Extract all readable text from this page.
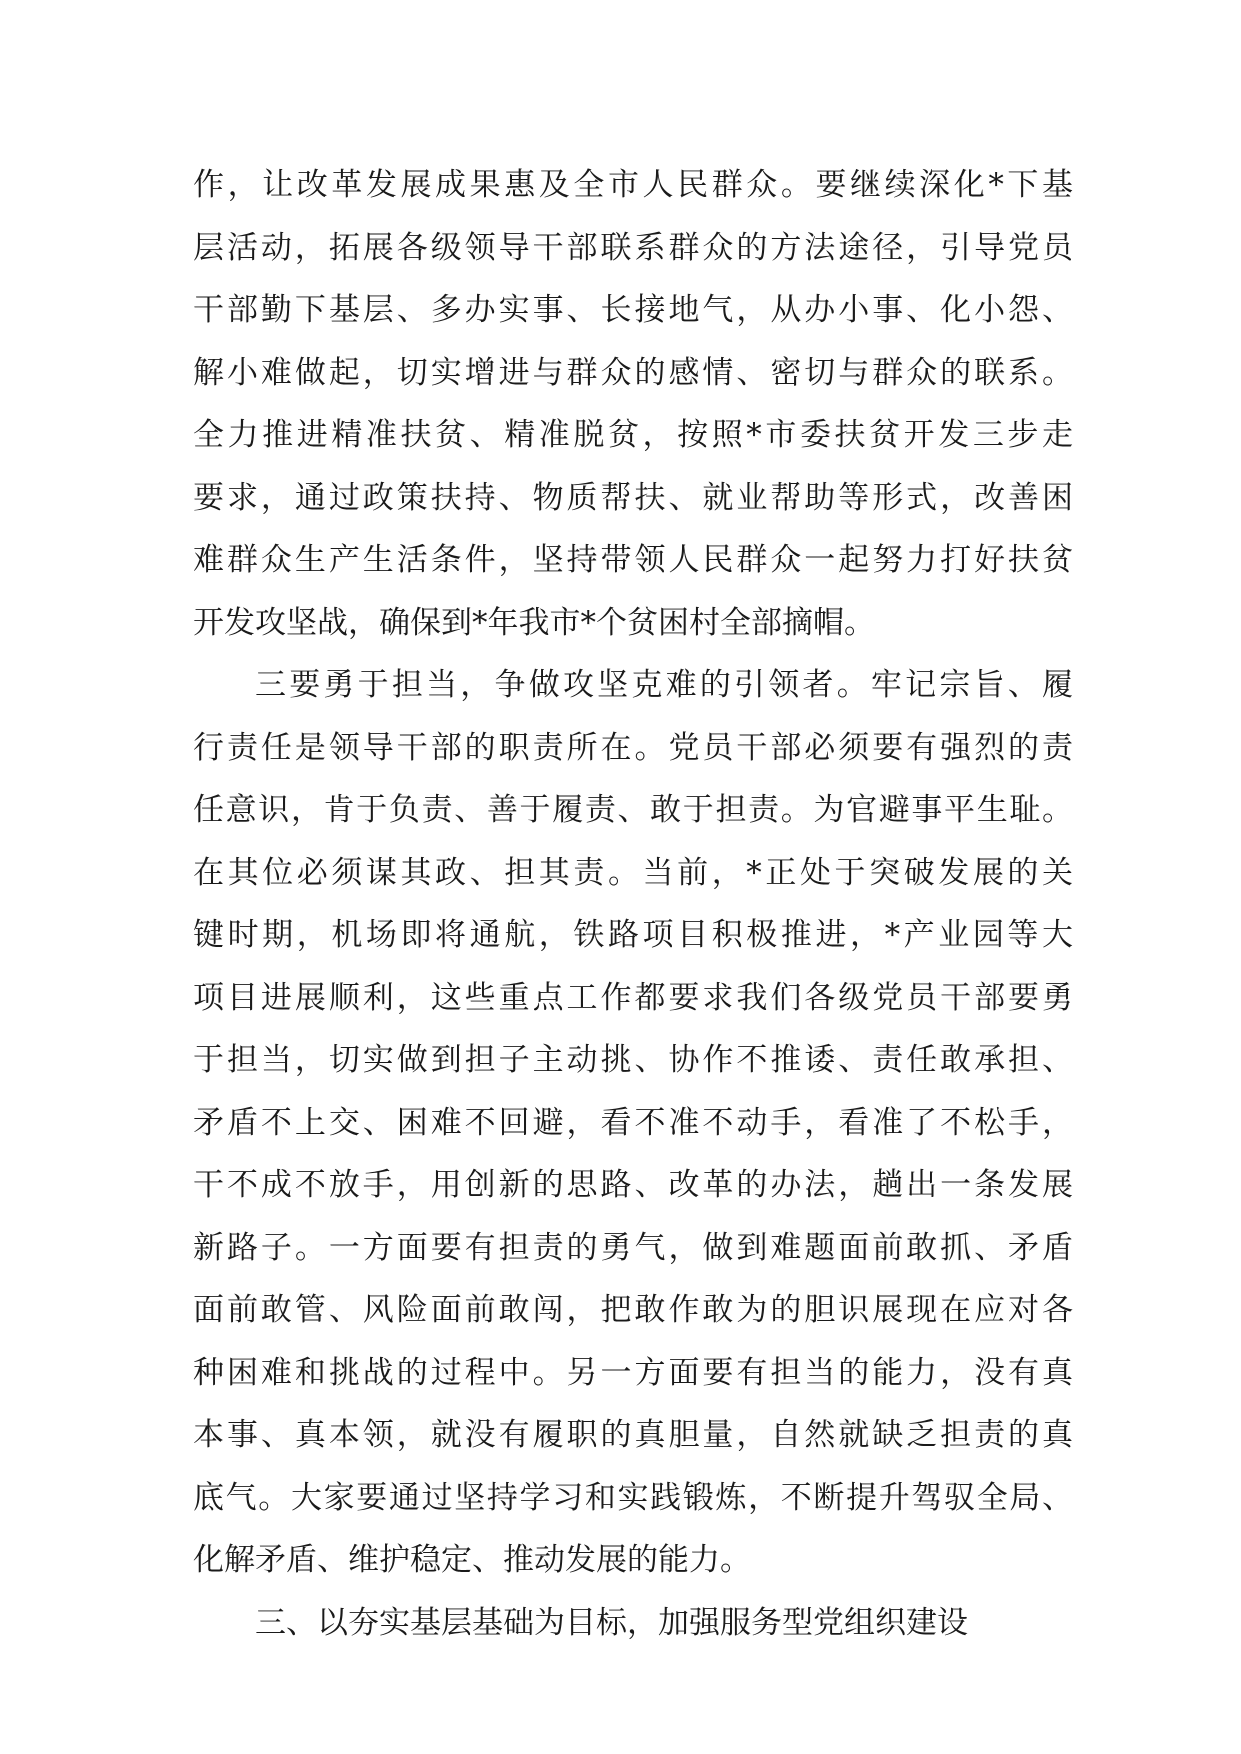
作，让改革发展成果惠及全市人民群众。要继续深化*下基
层活动，拓展各级领导干部联系群众的方法途径，引导党员
干部勤下基层、多办实事、长接地气，从办小事、化小怨、
解小难做起，切实增进与群众的感情、密切与群众的联系。
全力推进精准扶贫、精准脱贫，按照*市委扶贫开发三步走
要求，通过政策扶持、物质帮扶、就业帮助等形式，改善困
难群众生产生活条件，坚持带领人民群众一起努力打好扶贫
开发攻坚战，确保到*年我市*个贫困村全部摘帽。
三要勇于担当，争做攻坚克难的引领者。牢记宗旨、履
行责任是领导干部的职责所在。党员干部必须要有强烈的责
任意识，肯于负责、善于履责、敢于担责。为官避事平生耻。
在其位必须谋其政、担其责。当前，*正处于突破发展的关
键时期，机场即将通航，铁路项目积极推进，*产业园等大
项目进展顺利，这些重点工作都要求我们各级党员干部要勇
于担当，切实做到担子主动挑、协作不推诿、责任敢承担、
矛盾不上交、困难不回避，看不准不动手，看准了不松手，
干不成不放手，用创新的思路、改革的办法，趟出一条发展
新路子。一方面要有担责的勇气，做到难题面前敢抓、矛盾
面前敢管、风险面前敢闯，把敢作敢为的胆识展现在应对各
种困难和挑战的过程中。另一方面要有担当的能力，没有真
本事、真本领，就没有履职的真胆量，自然就缺乏担责的真
底气。大家要通过坚持学习和实践锻炼，不断提升驾驭全局、
化解矛盾、维护稳定、推动发展的能力。
三、以夯实基层基础为目标，加强服务型党组织建设
